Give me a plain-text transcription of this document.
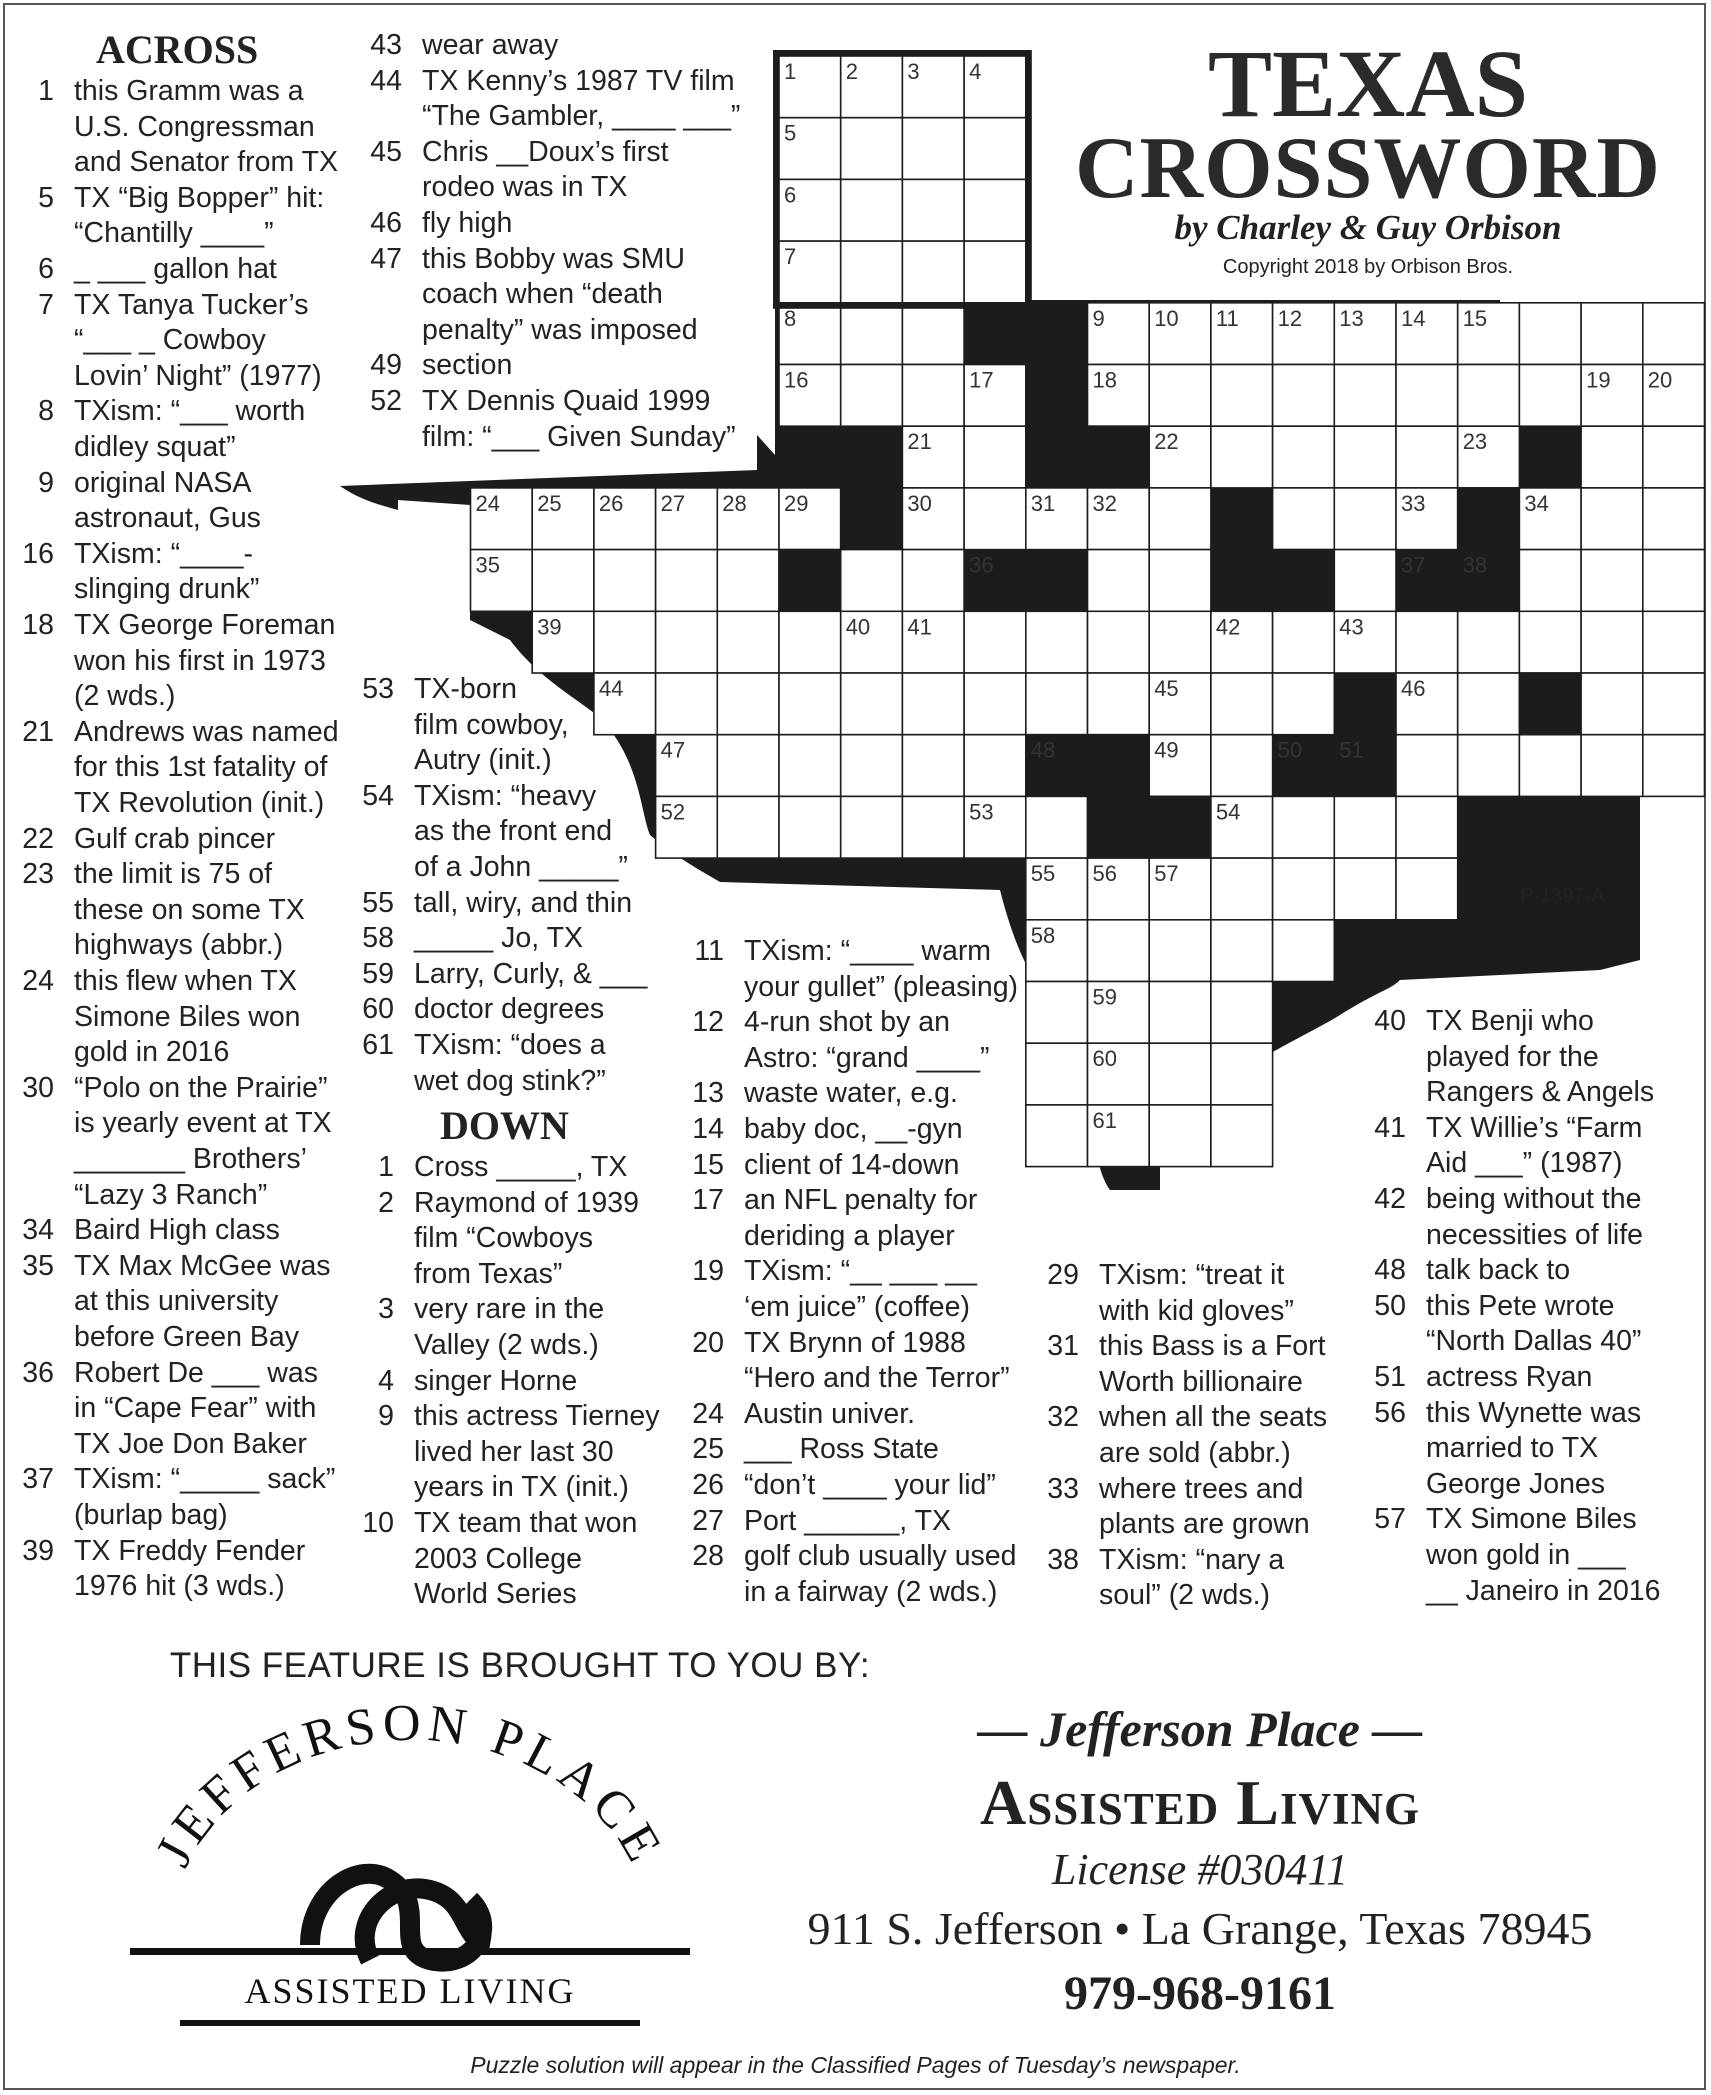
1 2 3 4
5
6
7
8	9 10 11 12 13 14 15
16	17	18	19 20
21	22	23
24 25 26 27 28 29	30	31 32	33	34
35	36	37 38
39	40 41	42	43
44	45	46
47	48	49	50 51
52	53	54
55 56 57
58
59
60
61
TEXAS
CROSSWORD
by Charley & Guy Orbison
Copyright 2018 by Orbison Bros.
P-1397-A
ACROSS
DOWN
1 this Gramm was a
U.S. Congressman
and Senator from TX
5 TX “Big Bopper” hit:
“Chantilly ____”
6 _ ___ gallon hat
7 TX Tanya Tucker’s
“___ _ Cowboy
Lovin’ Night” (1977)
8 TXism: “___ worth
didley squat”
9 original NASA
astronaut, Gus
16 TXism: “____-
slinging drunk”
18 TX George Foreman
won his first in 1973
(2 wds.)
21 Andrews was named
for this 1st fatality of
TX Revolution (init.)
22 Gulf crab pincer
23 the limit is 75 of
these on some TX
highways (abbr.)
24 this flew when TX
Simone Biles won
gold in 2016
30 “Polo on the Prairie”
is yearly event at TX
_______ Brothers’
“Lazy 3 Ranch”
34 Baird High class
35 TX Max McGee was
at this university
before Green Bay
36 Robert De ___ was
in “Cape Fear” with
TX Joe Don Baker
37 TXism: “_____ sack”
(burlap bag)
39 TX Freddy Fender
1976 hit (3 wds.)
43 wear away
44 TX Kenny’s 1987 TV film
“The Gambler, ____ ___”
45 Chris __Doux’s first
rodeo was in TX
46 fly high
47 this Bobby was SMU
coach when “death
penalty” was imposed
49 section
52 TX Dennis Quaid 1999
film: “___ Given Sunday”
53 TX-born
film cowboy,
Autry (init.)
54 TXism: “heavy
as the front end
of a John _____”
55 tall, wiry, and thin
58 _____ Jo, TX
59 Larry, Curly, & ___
60 doctor degrees
61 TXism: “does a
wet dog stink?”
1 Cross _____, TX
2 Raymond of 1939
film “Cowboys
from Texas”
3 very rare in the
Valley (2 wds.)
4 singer Horne
9 this actress Tierney
lived her last 30
years in TX (init.)
10 TX team that won
2003 College
World Series
11 TXism: “____ warm
your gullet” (pleasing)
12 4-run shot by an
Astro: “grand ____”
13 waste water, e.g.
14 baby doc, __-gyn
15 client of 14-down
17 an NFL penalty for
deriding a player
19 TXism: “__ ___ __
‘em juice” (coffee)
20 TX Brynn of 1988
“Hero and the Terror”
24 Austin univer.
25 ___ Ross State
26 “don’t ____ your lid”
27 Port ______, TX
28 golf club usually used
in a fairway (2 wds.)
29 TXism: “treat it
with kid gloves”
31 this Bass is a Fort
Worth billionaire
32 when all the seats
are sold (abbr.)
33 where trees and
plants are grown
38 TXism: “nary a
soul” (2 wds.)
40 TX Benji who
played for the
Rangers & Angels
41 TX Willie’s “Farm
Aid ___” (1987)
42 being without the
necessities of life
48 talk back to
50 this Pete wrote
“North Dallas 40”
51 actress Ryan
56 this Wynette was
married to TX
George Jones
57 TX Simone Biles
won gold in ___
__ Janeiro in 2016
THIS FEATURE IS BROUGHT TO YOU BY:
JEFFERSON PLACE
ASSISTED LIVING
— Jefferson Place —
Assisted Living
License #030411
911 S. Jefferson • La Grange, Texas 78945
979-968-9161
Puzzle solution will appear in the Classified Pages of Tuesday’s newspaper.
